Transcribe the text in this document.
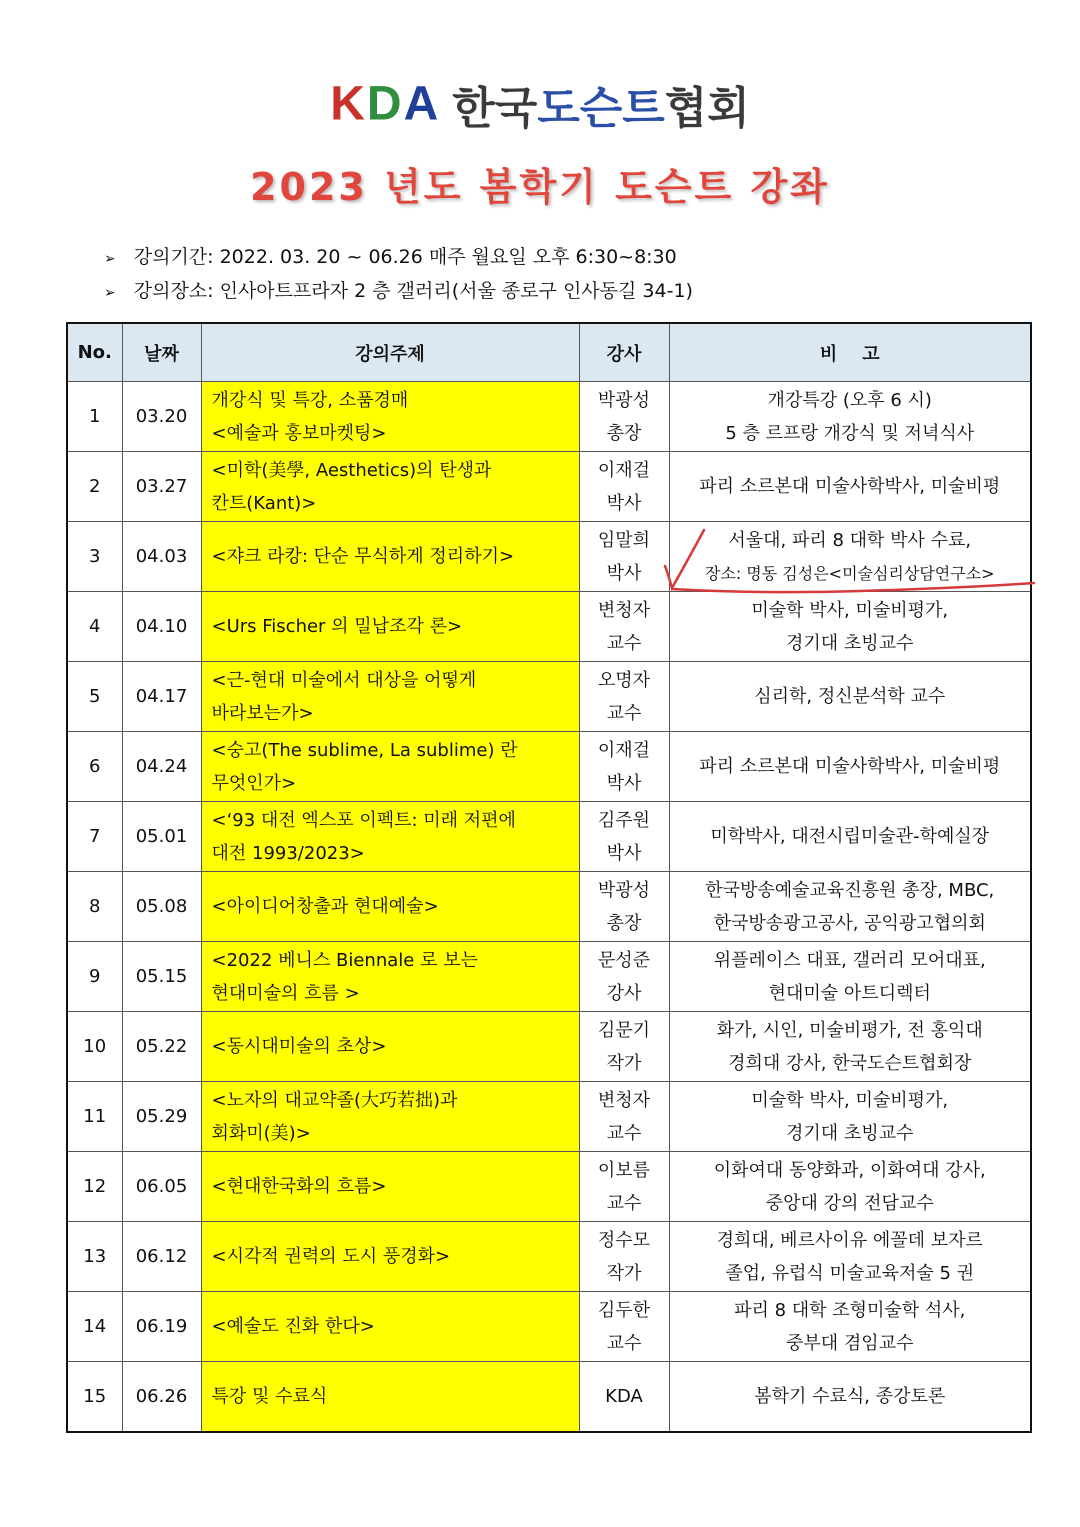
KDA 한국도슨트협회
2023 년도 봄학기 도슨트 강좌
➢ 강의기간: 2022. 03. 20 ~ 06.26 매주 월요일 오후 6:30~8:30
➢ 강의장소: 인사아트프라자 2 층 갤러리(서울 종로구 인사동길 34-1)
No.	날짜	강의주제	강사	비    고
1	03.20	개강식 및 특강, 소품경매
<예술과 홍보마켓팅>	박광성
총장	개강특강 (오후 6 시)
5 층 르프랑 개강식 및 저녁식사

2	03.27	<미학(美學, Aesthetics)의 탄생과
칸트(Kant)>	이재걸
박사	파리 소르본대 미술사학박사, 미술비평

3	04.03	<쟈크 라캉: 단순 무식하게 정리하기>	임말희
박사	서울대, 파리 8 대학 박사 수료,
장소: 명동 김성은<미술심리상담연구소>

4	04.10	<Urs Fischer 의 밀납조각 론>	변청자
교수	미술학 박사, 미술비평가,
경기대 초빙교수

5	04.17	<근-현대 미술에서 대상을 어떻게
바라보는가>	오명자
교수	심리학, 정신분석학 교수

6	04.24	<숭고(The sublime, La sublime) 란
무엇인가>	이재걸
박사	파리 소르본대 미술사학박사, 미술비평

7	05.01	<‘93 대전 엑스포 이펙트: 미래 저편에
대전 1993/2023>	김주원
박사	미학박사, 대전시립미술관-학예실장

8	05.08	<아이디어창출과 현대예술>	박광성
총장	한국방송예술교육진흥원 총장, MBC,
한국방송광고공사, 공익광고협의회

9	05.15	<2022 베니스 Biennale 로 보는
현대미술의 흐름 >	문성준
강사	위플레이스 대표, 갤러리 모어대표,
현대미술 아트디렉터

10	05.22	<동시대미술의 초상>	김문기
작가	화가, 시인, 미술비평가, 전 홍익대
경희대 강사, 한국도슨트협회장

11	05.29	<노자의 대교약졸(大巧若拙)과
회화미(美)>	변청자
교수	미술학 박사, 미술비평가,
경기대 초빙교수

12	06.05	<현대한국화의 흐름>	이보름
교수	이화여대 동양화과, 이화여대 강사,
중앙대 강의 전담교수

13	06.12	<시각적 권력의 도시 풍경화>	정수모
작가	경희대, 베르사이유 에꼴데 보자르
졸업, 유럽식 미술교육저술 5 권

14	06.19	<예술도 진화 한다>	김두한
교수	파리 8 대학 조형미술학 석사,
중부대 겸임교수

15	06.26	특강 및 수료식	KDA	봄학기 수료식, 종강토론
